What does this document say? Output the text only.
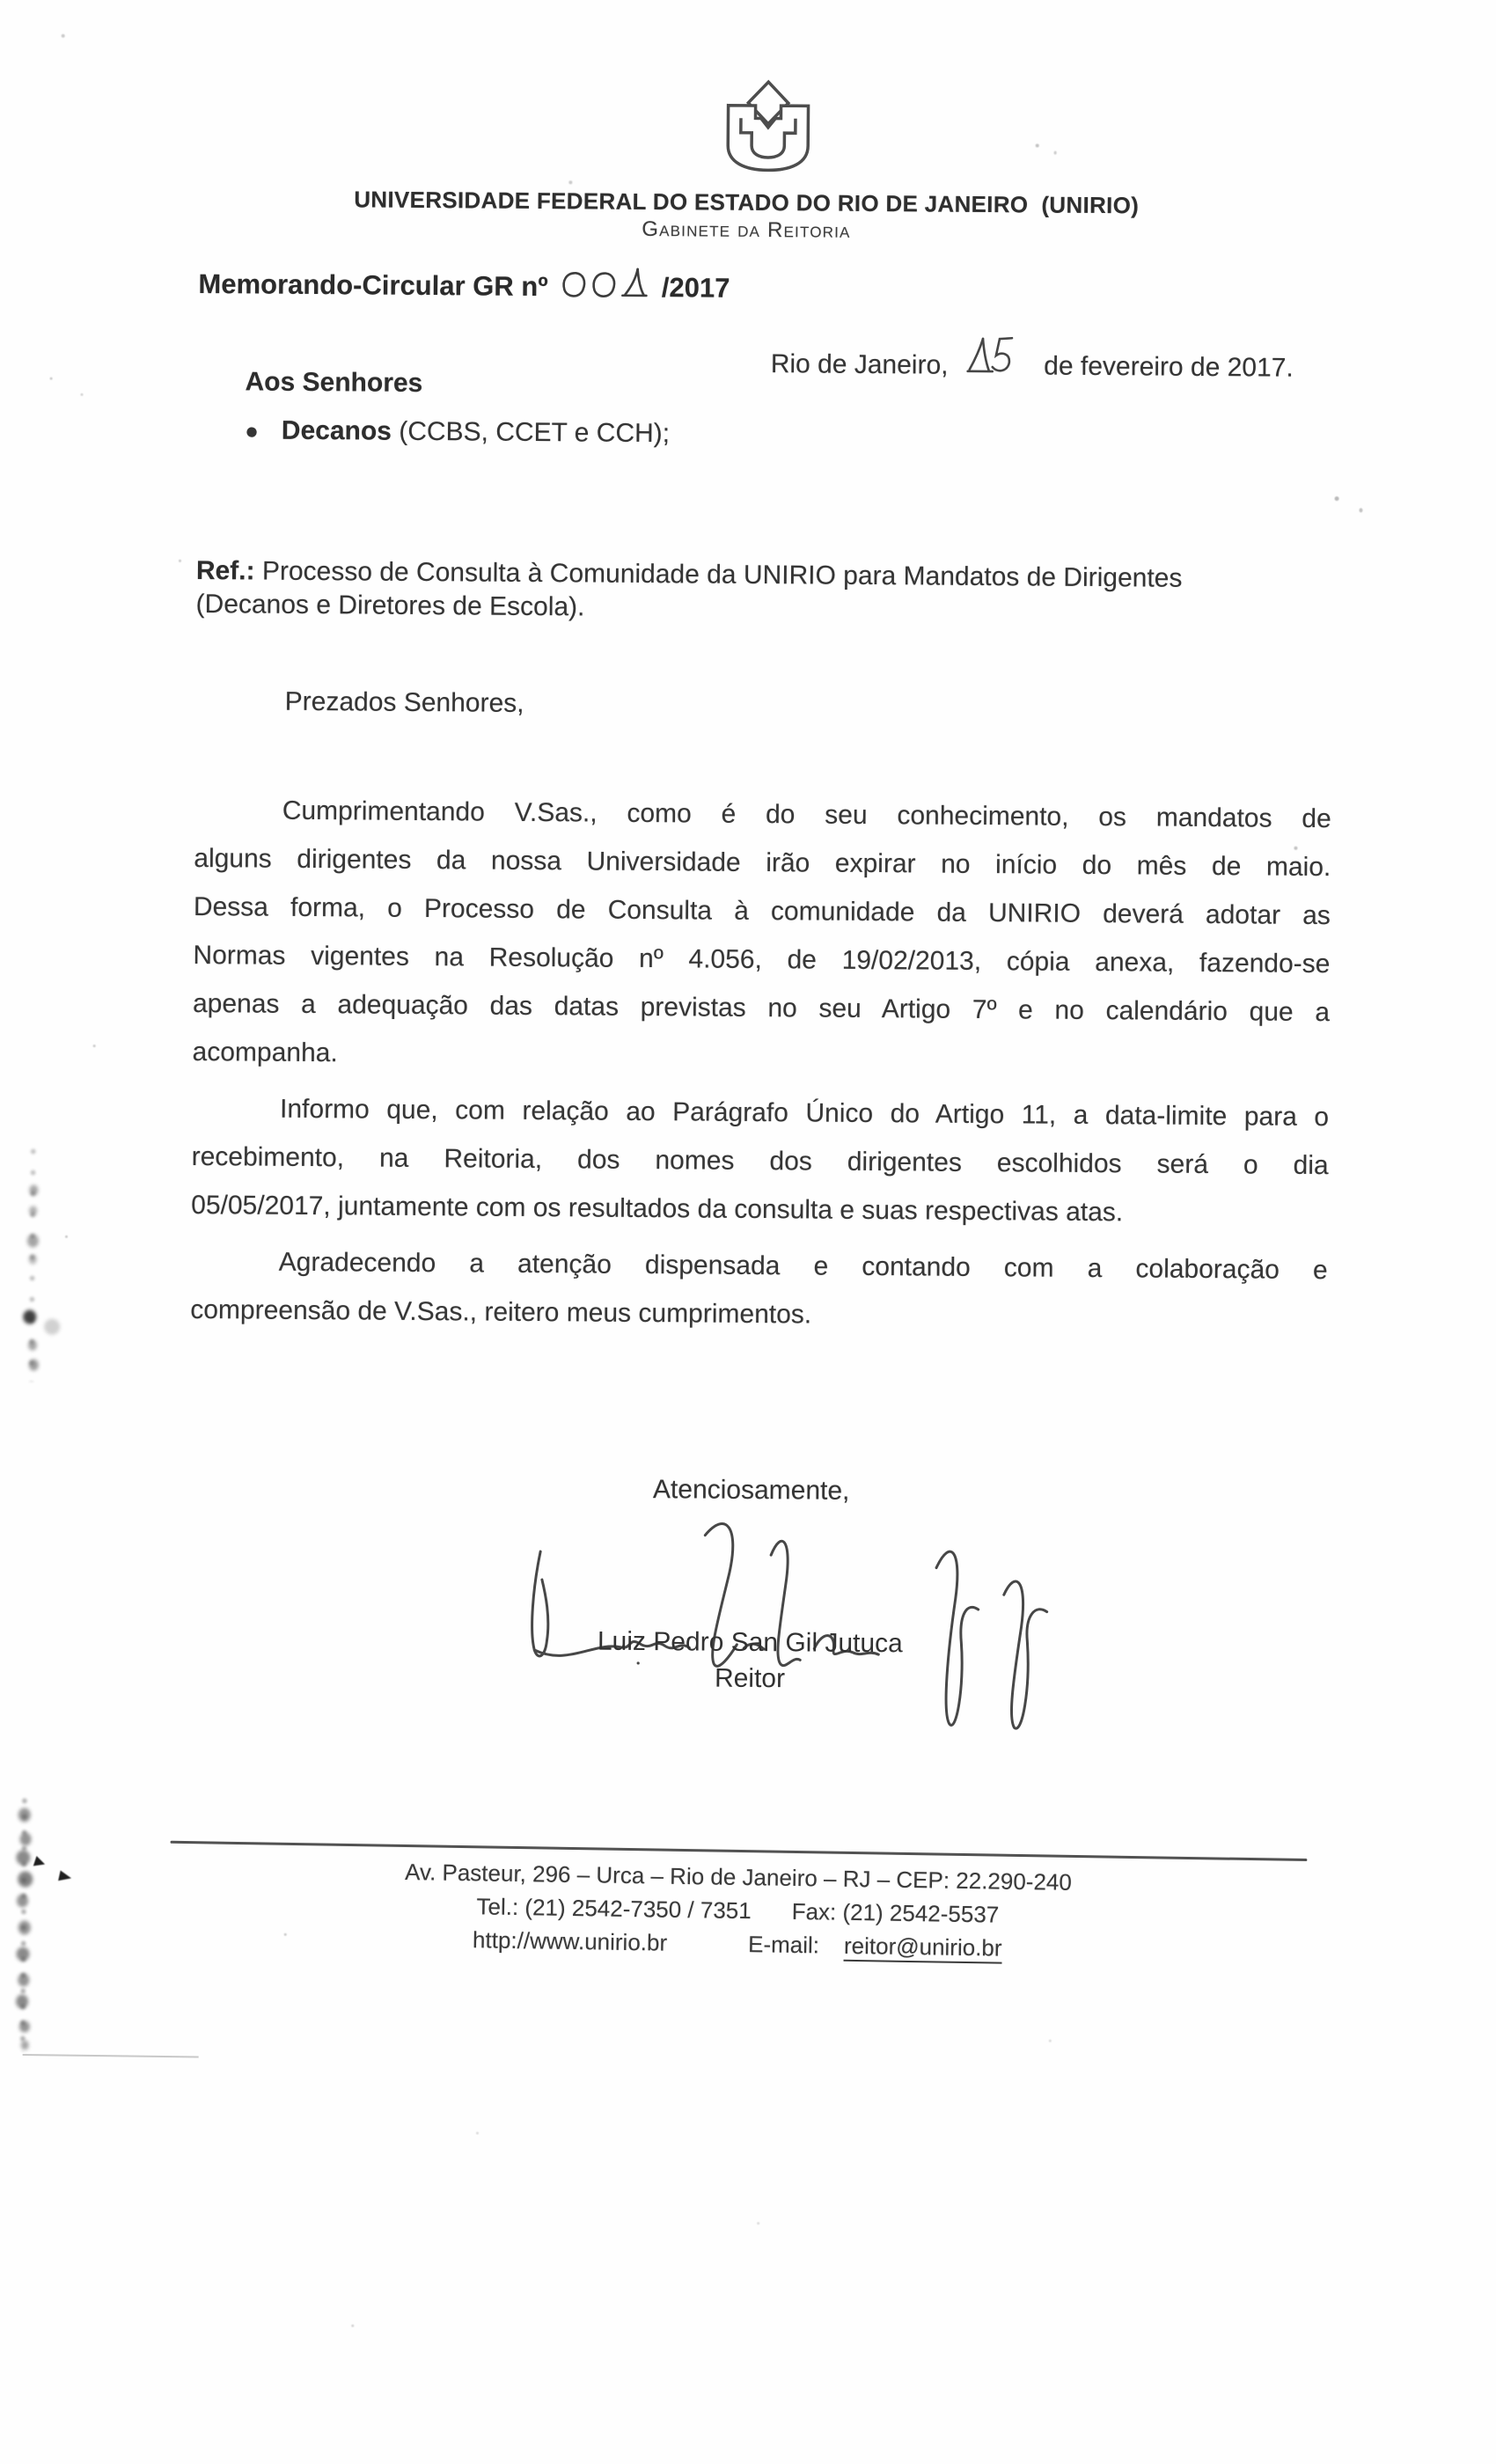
UNIVERSIDADE FEDERAL DO ESTADO DO RIO DE JANEIRO  (UNIRIO)
Gabinete da Reitoria
Memorando-Circular GR nº	/2017
Rio de Janeiro,	de fevereiro de 2017.
Aos Senhores
● Decanos (CCBS, CCET e CCH);
Ref.: Processo de Consulta à Comunidade da UNIRIO para Mandatos de Dirigentes
(Decanos e Diretores de Escola).
Prezados Senhores,
Cumprimentando V.Sas., como é do seu conhecimento, os mandatos de
alguns dirigentes da nossa Universidade irão expirar no início do mês de maio.
Dessa forma, o Processo de Consulta à comunidade da UNIRIO deverá adotar as
Normas vigentes na Resolução nº 4.056, de 19/02/2013, cópia anexa, fazendo-se
apenas a adequação das datas previstas no seu Artigo 7º e no calendário que a
acompanha.
Informo que, com relação ao Parágrafo Único do Artigo 11, a data-limite para o
recebimento, na Reitoria, dos nomes dos dirigentes escolhidos será o dia
05/05/2017, juntamente com os resultados da consulta e suas respectivas atas.
Agradecendo a atenção dispensada e contando com a colaboração e
compreensão de V.Sas., reitero meus cumprimentos.
Atenciosamente,
Luiz Pedro San Gil Jutuca
Reitor
Av. Pasteur, 296 – Urca – Rio de Janeiro – RJ – CEP: 22.290-240
Tel.: (21) 2542-7350 / 7351 Fax: (21) 2542-5537
http://www.unirio.br	E-mail: reitor@unirio.br
